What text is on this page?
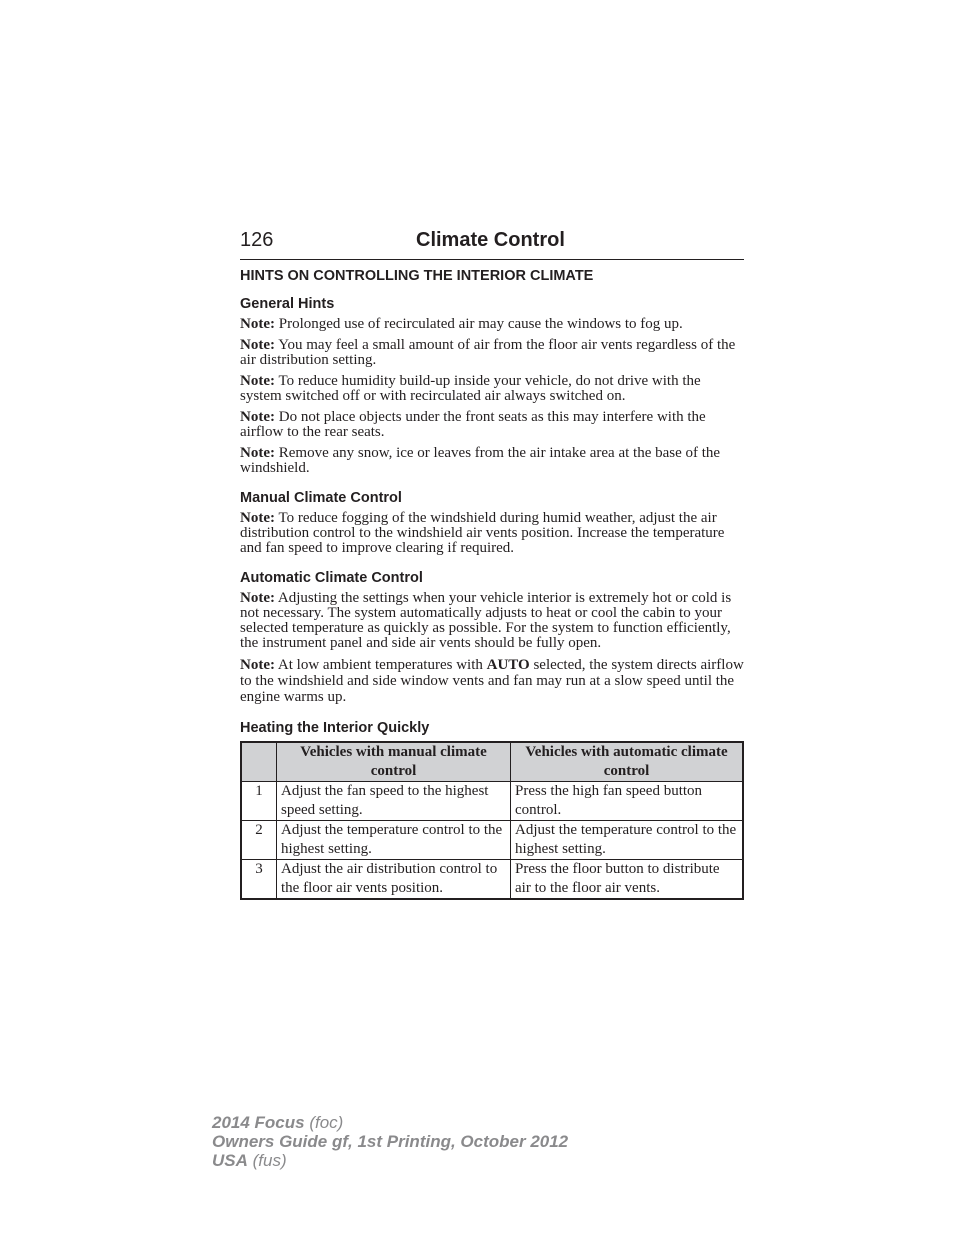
126	Climate Control
HINTS ON CONTROLLING THE INTERIOR CLIMATE
General Hints

Note: Prolonged use of recirculated air may cause the windows to fog up.

Note: You may feel a small amount of air from the floor air vents regardless of the air distribution setting.

Note: To reduce humidity build-up inside your vehicle, do not drive with the system switched off or with recirculated air always switched on.

Note: Do not place objects under the front seats as this may interfere with the airflow to the rear seats.

Note: Remove any snow, ice or leaves from the air intake area at the base of the windshield.

Manual Climate Control

Note: To reduce fogging of the windshield during humid weather, adjust the air distribution control to the windshield air vents position. Increase the temperature and fan speed to improve clearing if required.

Automatic Climate Control

Note: Adjusting the settings when your vehicle interior is extremely hot or cold is not necessary. The system automatically adjusts to heat or cool the cabin to your selected temperature as quickly as possible. For the system to function efficiently, the instrument panel and side air vents should be fully open.

Note: At low ambient temperatures with AUTO selected, the system directs airflow to the windshield and side window vents and fan may run at a slow speed until the engine warms up.

Heating the Interior Quickly
	Vehicles with manual climate control	Vehicles with automatic climate control
1	Adjust the fan speed to the highest speed setting.	Press the high fan speed button control.
2	Adjust the temperature control to the highest setting.	Adjust the temperature control to the highest setting.
3	Adjust the air distribution control to the floor air vents position.	Press the floor button to distribute air to the floor air vents.
2014 Focus (foc)
Owners Guide gf, 1st Printing, October 2012
USA (fus)
